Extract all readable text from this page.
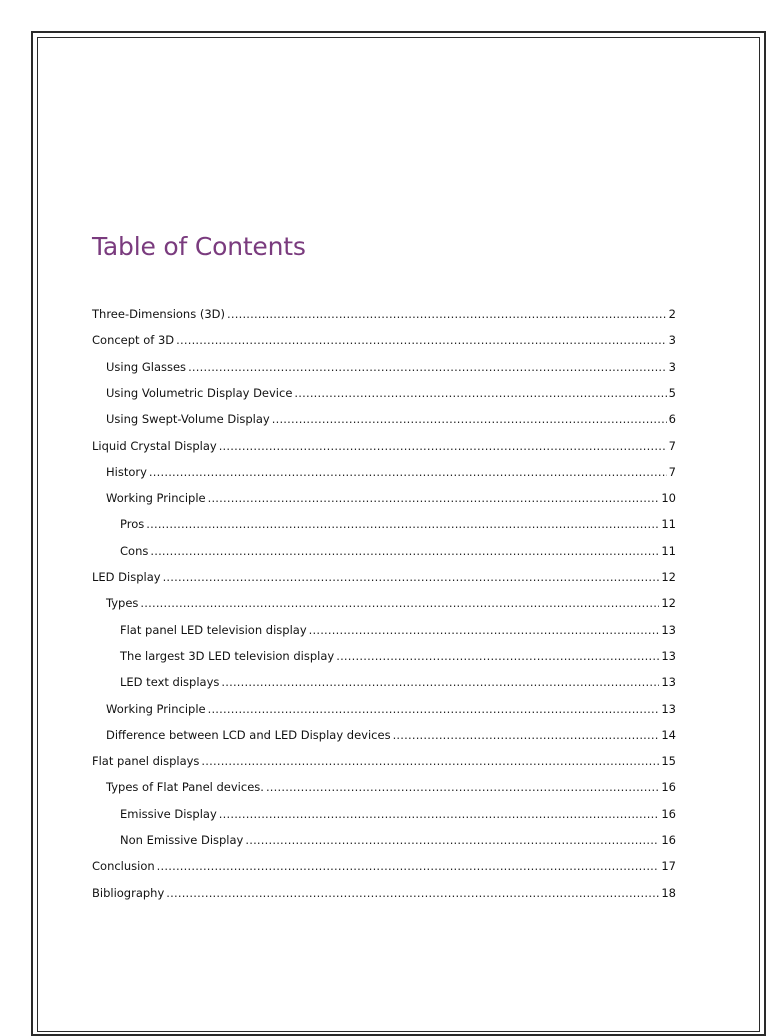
Table of Contents
Three-Dimensions (3D) .....	2
Concept of 3D .....	3
Using Glasses .....	3
Using Volumetric Display Device .....	5
Using Swept-Volume Display .....	6
Liquid Crystal Display .....	7
History .....	7
Working Principle .....	10
Pros .....	11
Cons .....	11
LED Display .....	12
Types .....	12
Flat panel LED television display .....	13
The largest 3D LED television display .....	13
LED text displays .....	13
Working Principle .....	13
Difference between LCD and LED Display devices .....	14
Flat panel displays .....	15
Types of Flat Panel devices. .....	16
Emissive Display .....	16
Non Emissive Display .....	16
Conclusion .....	17
Bibliography .....	18
